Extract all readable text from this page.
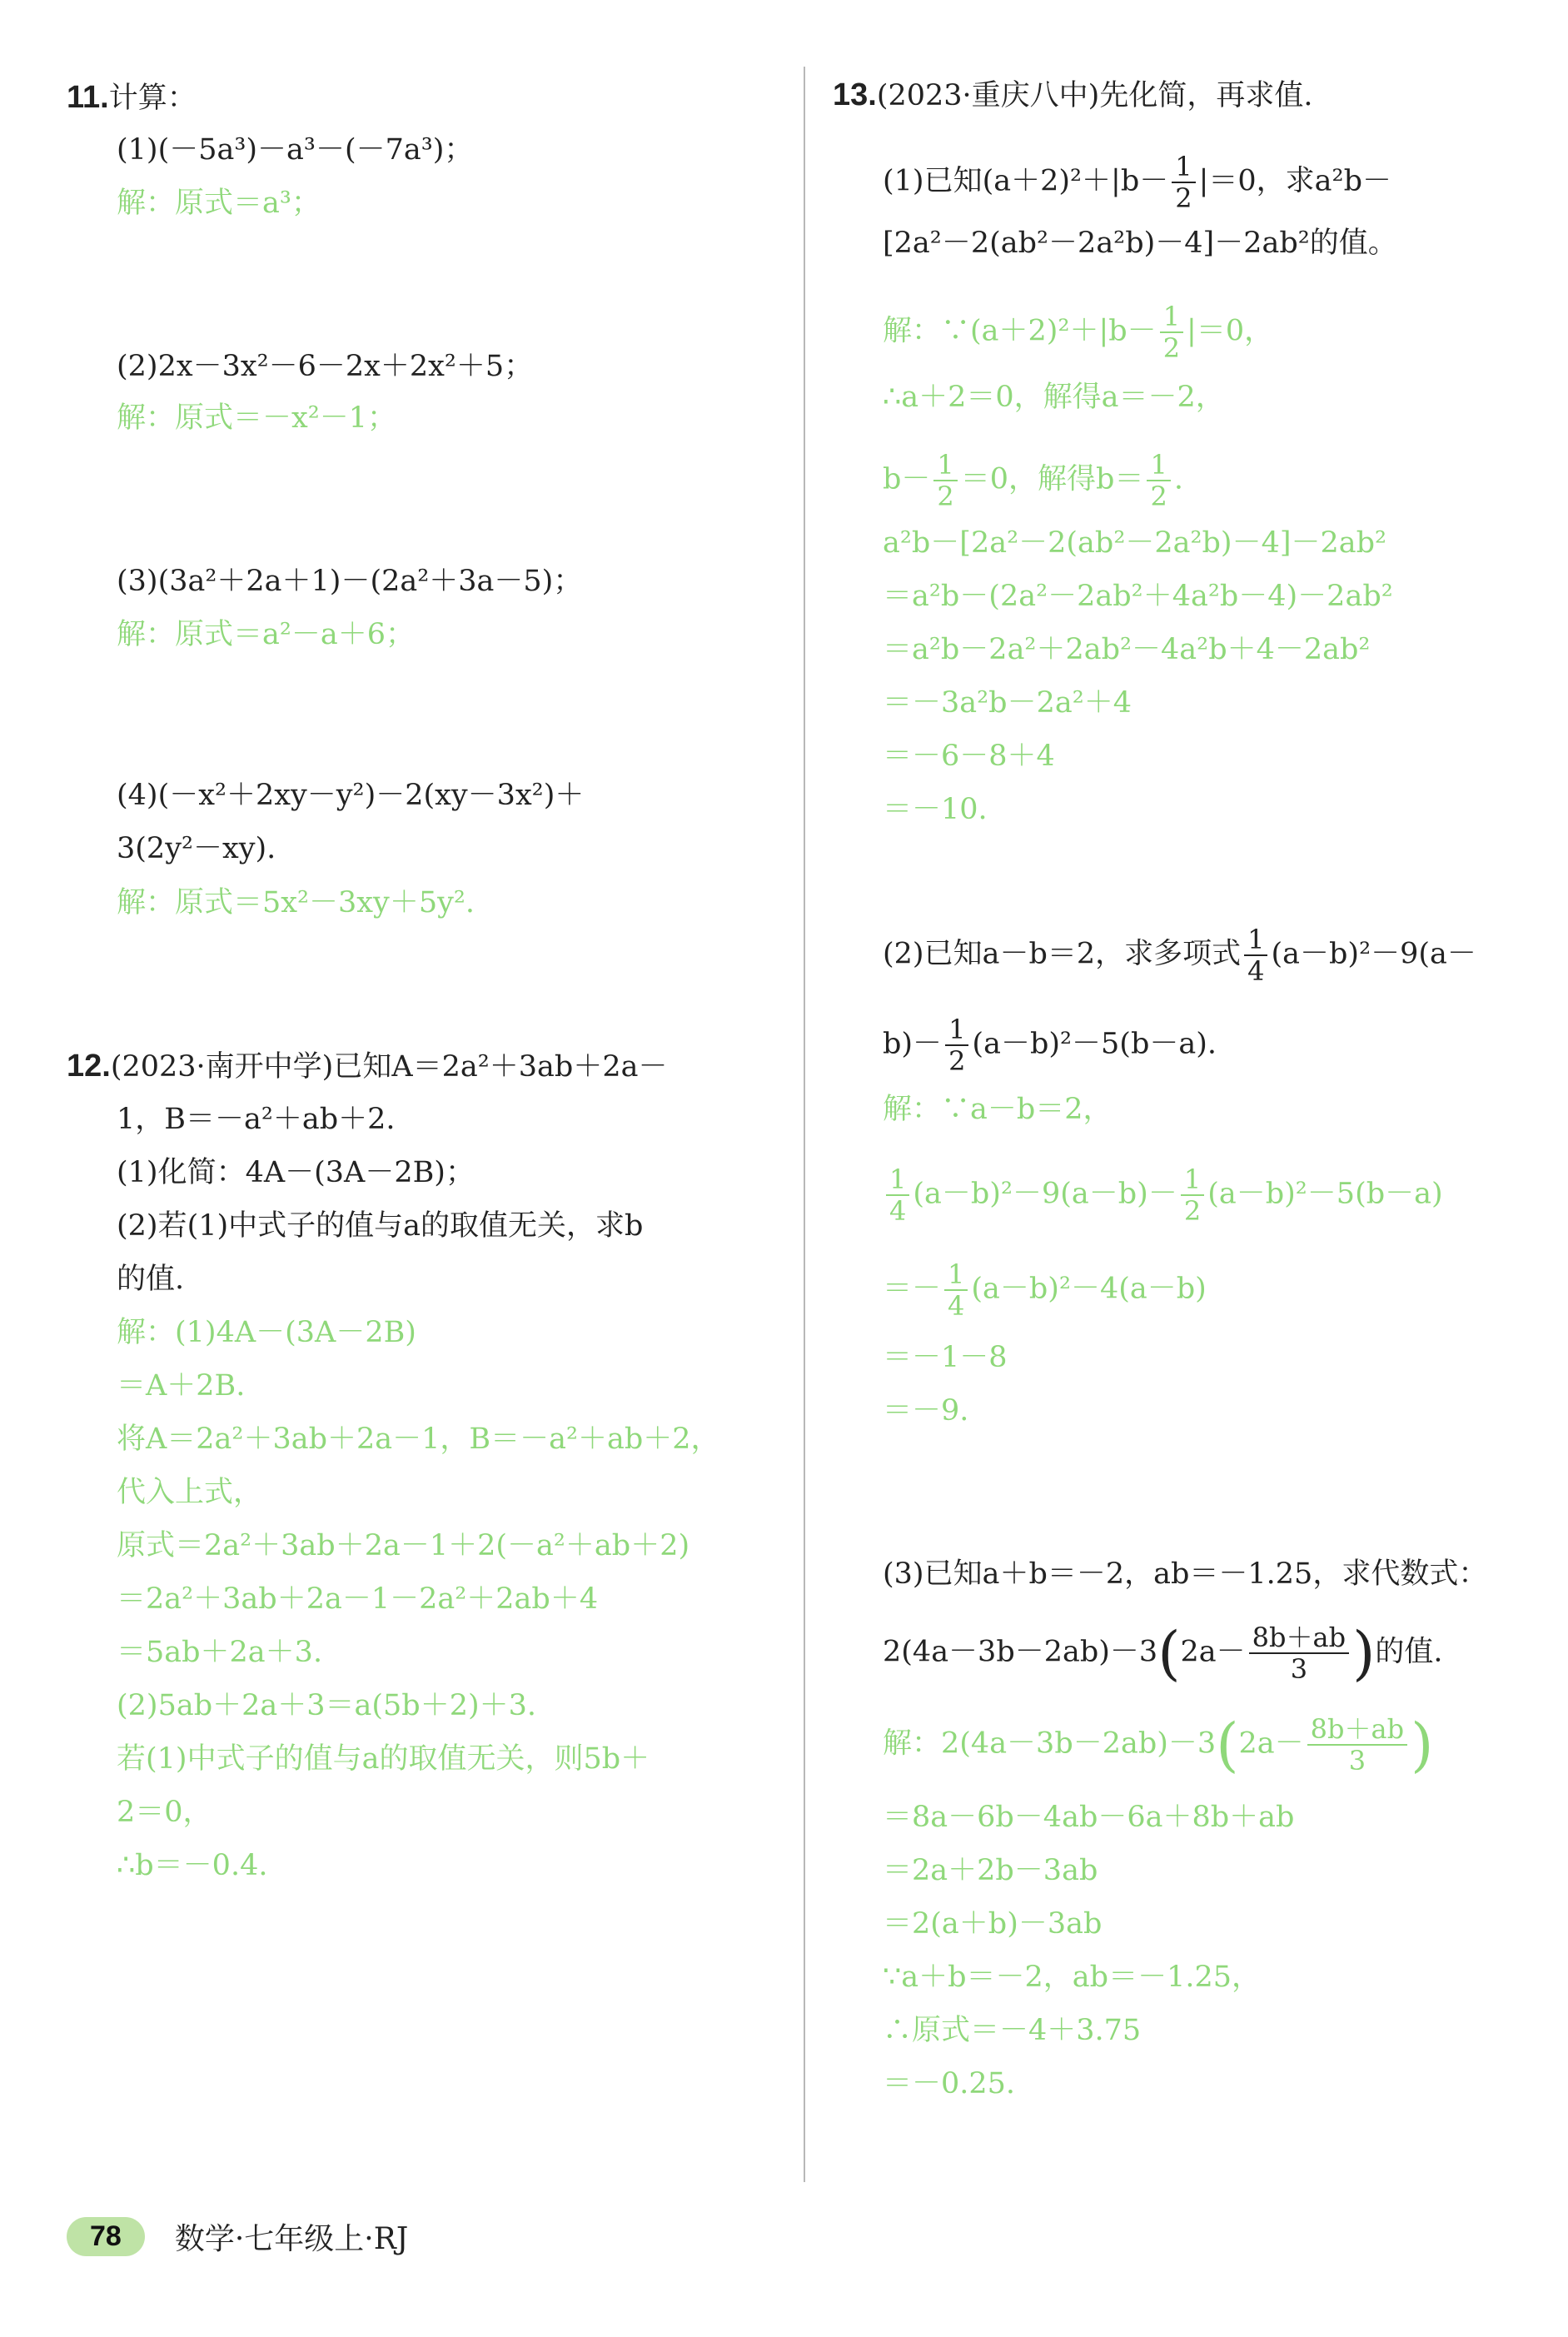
11.计算：
(1)(－5a³)－a³－(－7a³)；
解：原式＝a³；
(2)2x－3x²－6－2x＋2x²＋5；
解：原式＝－x²－1；
(3)(3a²＋2a＋1)－(2a²＋3a－5)；
解：原式＝a²－a＋6；
(4)(－x²＋2xy－y²)－2(xy－3x²)＋
3(2y²－xy).
解：原式＝5x²－3xy＋5y².
12.(2023·南开中学)已知A＝2a²＋3ab＋2a－
1，B＝－a²＋ab＋2.
(1)化简：4A－(3A－2B)；
(2)若(1)中式子的值与a的取值无关，求b
的值.
解：(1)4A－(3A－2B)
＝A＋2B.
将A＝2a²＋3ab＋2a－1，B＝－a²＋ab＋2，
代入上式，
原式＝2a²＋3ab＋2a－1＋2(－a²＋ab＋2)
＝2a²＋3ab＋2a－1－2a²＋2ab＋4
＝5ab＋2a＋3.
(2)5ab＋2a＋3＝a(5b＋2)＋3.
若(1)中式子的值与a的取值无关，则5b＋
2＝0，
∴b＝－0.4.
13.(2023·重庆八中)先化简，再求值.
(1)已知$(a+2)^2+|b- \frac{1}{2} |=0$，求a²b－
[2a²－2(ab²－2a²b)－4]－2ab²的值。
解：∵(a＋2)²＋|b－ $\frac{1}{2} |=0$，
∴a＋2＝0，解得a＝－2，
$b- \frac{1}{2} =0$，解得$b= \frac{1}{2}$ .
a²b－[2a²－2(ab²－2a²b)－4]－2ab²
＝a²b－(2a²－2ab²＋4a²b－4)－2ab²
＝a²b－2a²＋2ab²－4a²b＋4－2ab²
＝－3a²b－2a²＋4
＝－6－8＋4
＝－10.
(2)已知a－b＝2，求多项式 $\frac{1}{4} (a-b)^2-9(a-$
$b)- \frac{1}{2} (a-b)^2-5(b-a)$.
解：∵a－b＝2，
$\frac{1}{4} (a-b)^2-9(a-b)- \frac{1}{2} (a-b)^2-5(b-a)$
＝－ $\frac{1}{4} (a-b)^2-4(a-b)$
＝－1－8
＝－9.
(3)已知a＋b＝－2，ab＝－1.25，求代数式：
$2(4a-3b-2ab)-3(2a- \frac{8b+ab}{3}$ )的值.
解：$2(4a-3b-2ab)-3(2a- \frac{8b+ab}{3}$ )
＝8a－6b－4ab－6a＋8b＋ab
＝2a＋2b－3ab
＝2(a＋b)－3ab
∵a＋b＝－2，ab＝－1.25，
∴原式＝－4＋3.75
＝－0.25.
78	数学·七年级上·RJ
